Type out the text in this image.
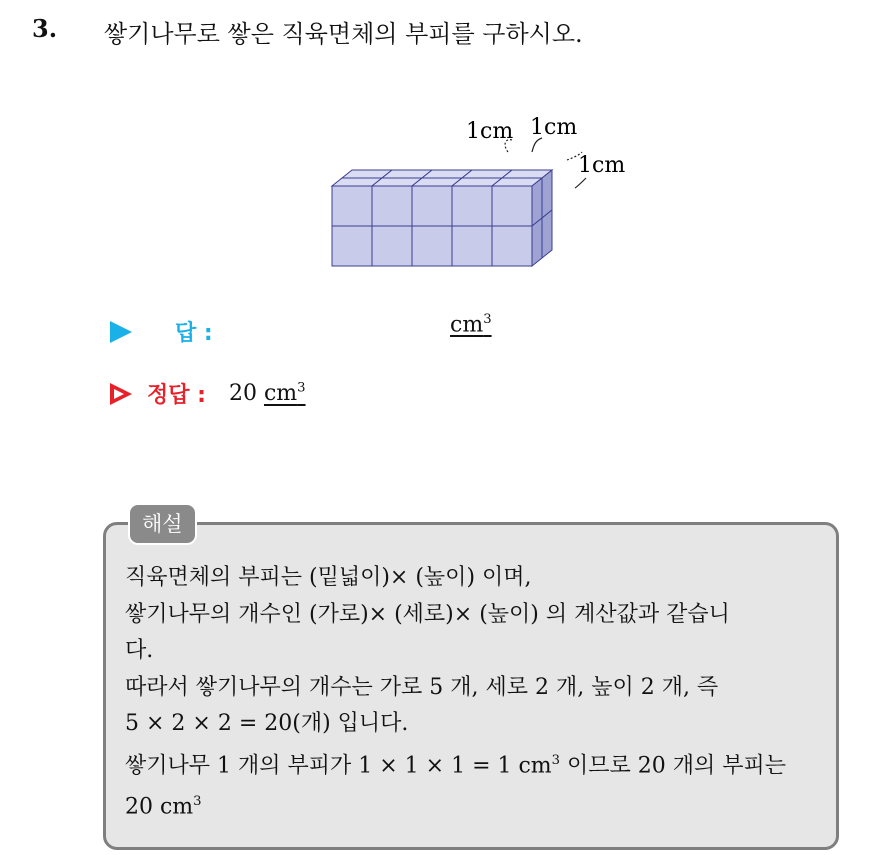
3. 쌓기나무로 쌓은 직육면체의 부피를 구하시오.
1cm 1cm
1cm
답 :	$cm^3$
정답 : 20 $cm^3$
해설
직육면체의 부피는 (밑넓이)× (높이) 이며,
쌓기나무의 개수인 (가로)× (세로)× (높이) 의 계산값과 같습니
다.
따라서 쌓기나무의 개수는 가로 5 개, 세로 2 개, 높이 2 개, 즉
5 × 2 × 2 = 20(개) 입니다.
쌓기나무 1 개의 부피가 1 × 1 × 1 = 1 $cm^3$ 이므로 20 개의 부피는
20 $cm^3$
